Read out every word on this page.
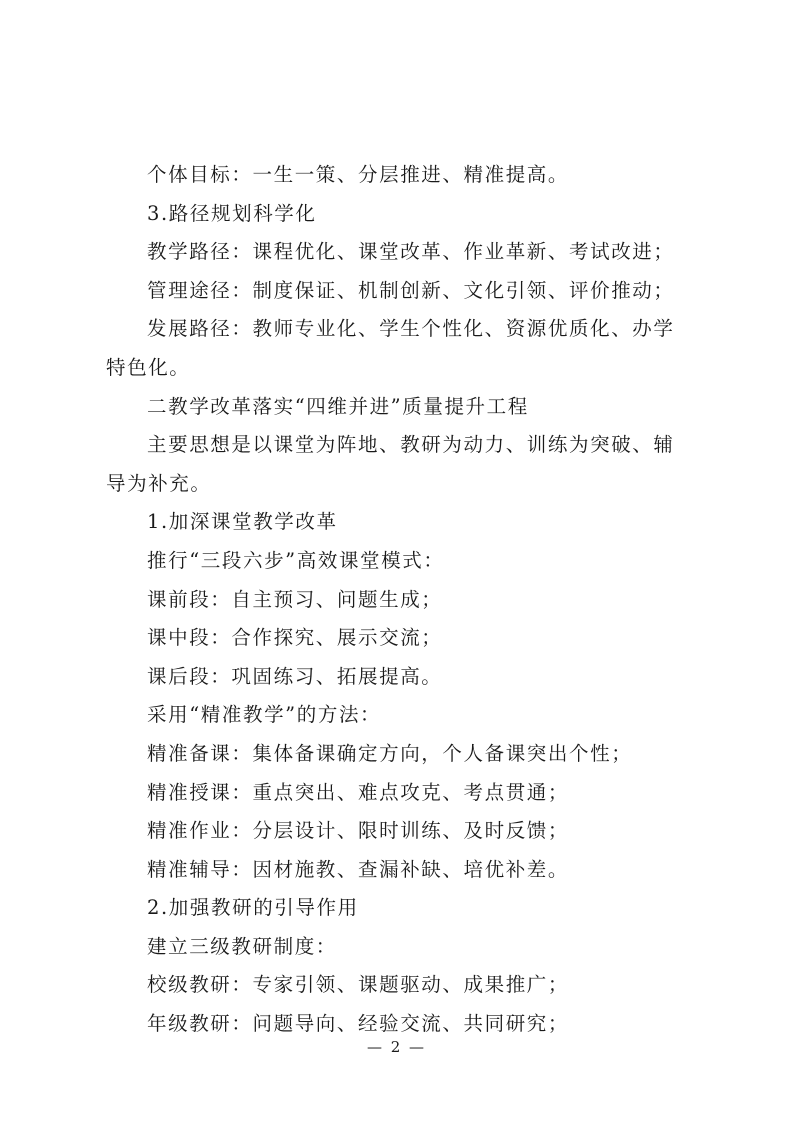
个体目标：一生一策、分层推进、精准提高。
3.路径规划科学化
教学路径：课程优化、课堂改革、作业革新、考试改进；
管理途径：制度保证、机制创新、文化引领、评价推动；
发展路径：教师专业化、学生个性化、资源优质化、办学
特色化。
二教学改革落实“四维并进”质量提升工程
主要思想是以课堂为阵地、教研为动力、训练为突破、辅
导为补充。
1.加深课堂教学改革
推行“三段六步”高效课堂模式：
课前段：自主预习、问题生成；
课中段：合作探究、展示交流；
课后段：巩固练习、拓展提高。
采用“精准教学”的方法：
精准备课：集体备课确定方向，个人备课突出个性；
精准授课：重点突出、难点攻克、考点贯通；
精准作业：分层设计、限时训练、及时反馈；
精准辅导：因材施教、查漏补缺、培优补差。
2.加强教研的引导作用
建立三级教研制度：
校级教研：专家引领、课题驱动、成果推广；
年级教研：问题导向、经验交流、共同研究；
— 2 —
